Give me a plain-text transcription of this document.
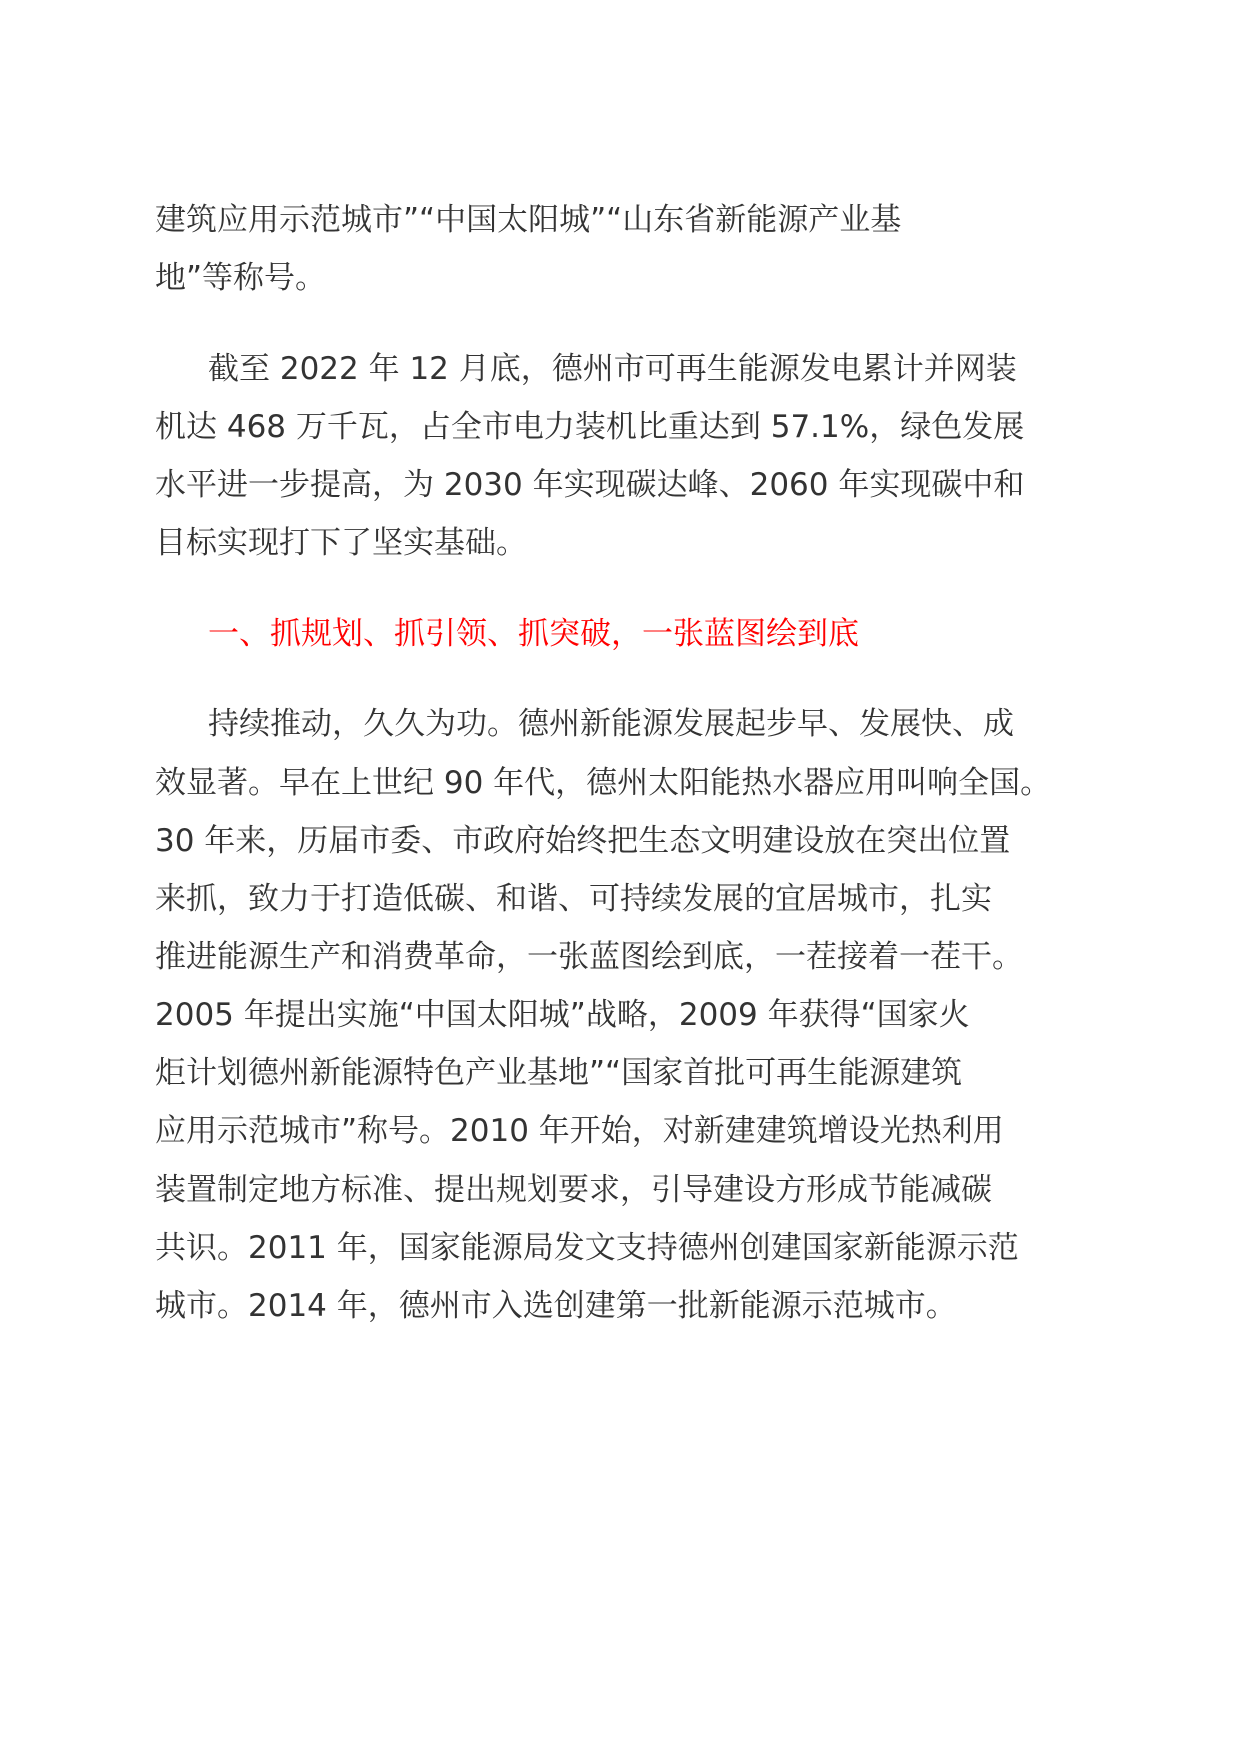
建筑应用示范城市”“中国太阳城”“山东省新能源产业基
地”等称号。
截至 2022 年 12 月底，德州市可再生能源发电累计并网装
机达 468 万千瓦，占全市电力装机比重达到 57.1%，绿色发展
水平进一步提高，为 2030 年实现碳达峰、2060 年实现碳中和
目标实现打下了坚实基础。
一、抓规划、抓引领、抓突破，一张蓝图绘到底
持续推动，久久为功。德州新能源发展起步早、发展快、成
效显著。早在上世纪 90 年代，德州太阳能热水器应用叫响全国。
30 年来，历届市委、市政府始终把生态文明建设放在突出位置
来抓，致力于打造低碳、和谐、可持续发展的宜居城市，扎实
推进能源生产和消费革命，一张蓝图绘到底，一茬接着一茬干。
2005 年提出实施“中国太阳城”战略，2009 年获得“国家火
炬计划德州新能源特色产业基地”“国家首批可再生能源建筑
应用示范城市”称号。2010 年开始，对新建建筑增设光热利用
装置制定地方标准、提出规划要求，引导建设方形成节能减碳
共识。2011 年，国家能源局发文支持德州创建国家新能源示范
城市。2014 年，德州市入选创建第一批新能源示范城市。
